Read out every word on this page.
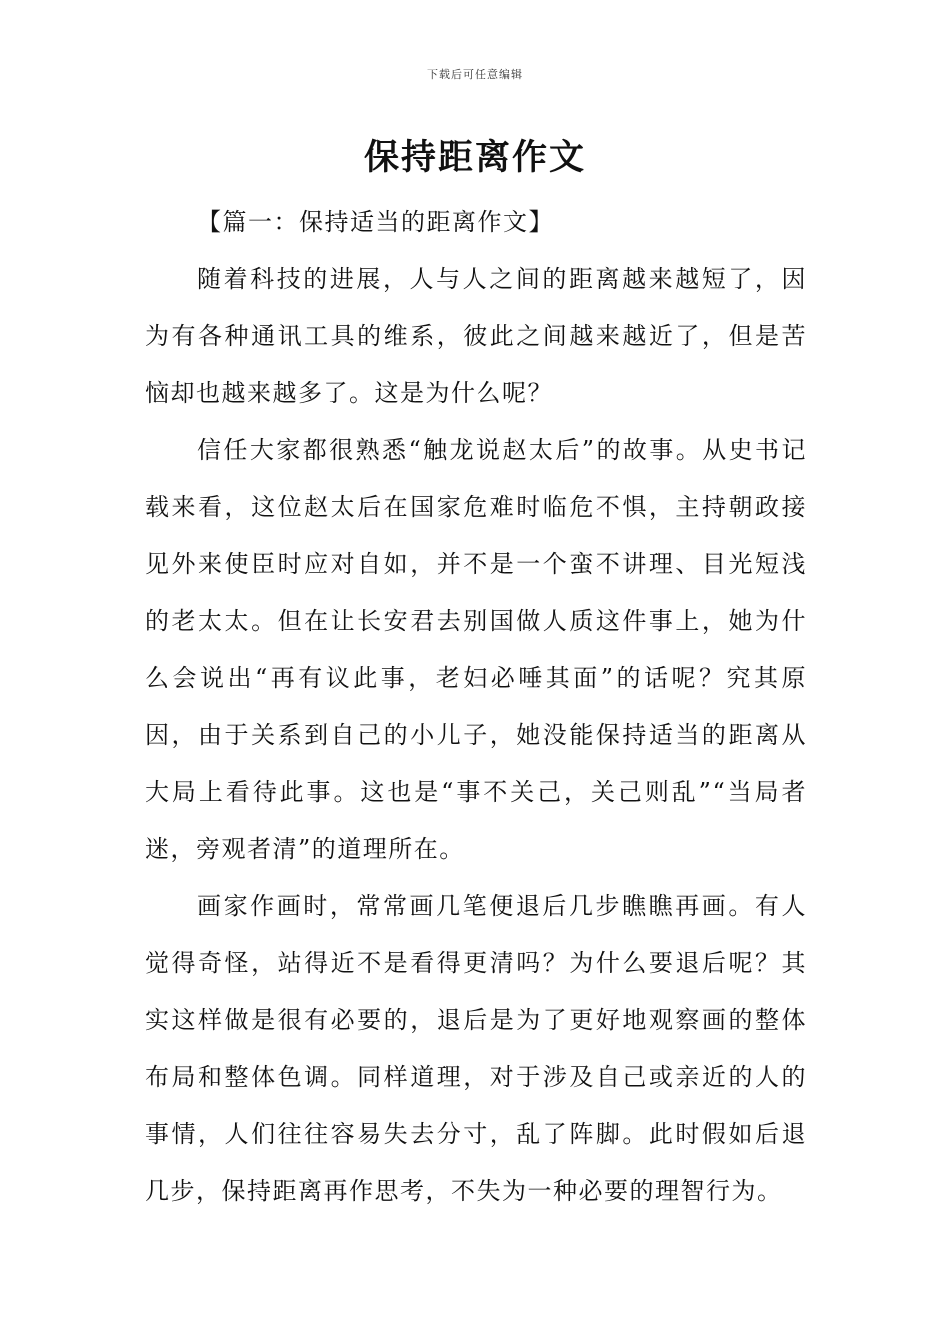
下载后可任意编辑
保持距离作文

【篇一：保持适当的距离作文】

随着科技的进展，人与人之间的距离越来越短了，因为有各种通讯工具的维系，彼此之间越来越近了，但是苦恼却也越来越多了。这是为什么呢？

信任大家都很熟悉“触龙说赵太后”的故事。从史书记载来看，这位赵太后在国家危难时临危不惧，主持朝政接见外来使臣时应对自如，并不是一个蛮不讲理、目光短浅的老太太。但在让长安君去别国做人质这件事上，她为什么会说出“再有议此事，老妇必唾其面”的话呢？究其原因，由于关系到自己的小儿子，她没能保持适当的距离从大局上看待此事。这也是“事不关己，关己则乱”“当局者迷，旁观者清”的道理所在。

画家作画时，常常画几笔便退后几步瞧瞧再画。有人觉得奇怪，站得近不是看得更清吗？为什么要退后呢？其实这样做是很有必要的，退后是为了更好地观察画的整体布局和整体色调。同样道理，对于涉及自己或亲近的人的事情，人们往往容易失去分寸，乱了阵脚。此时假如后退几步，保持距离再作思考，不失为一种必要的理智行为。
